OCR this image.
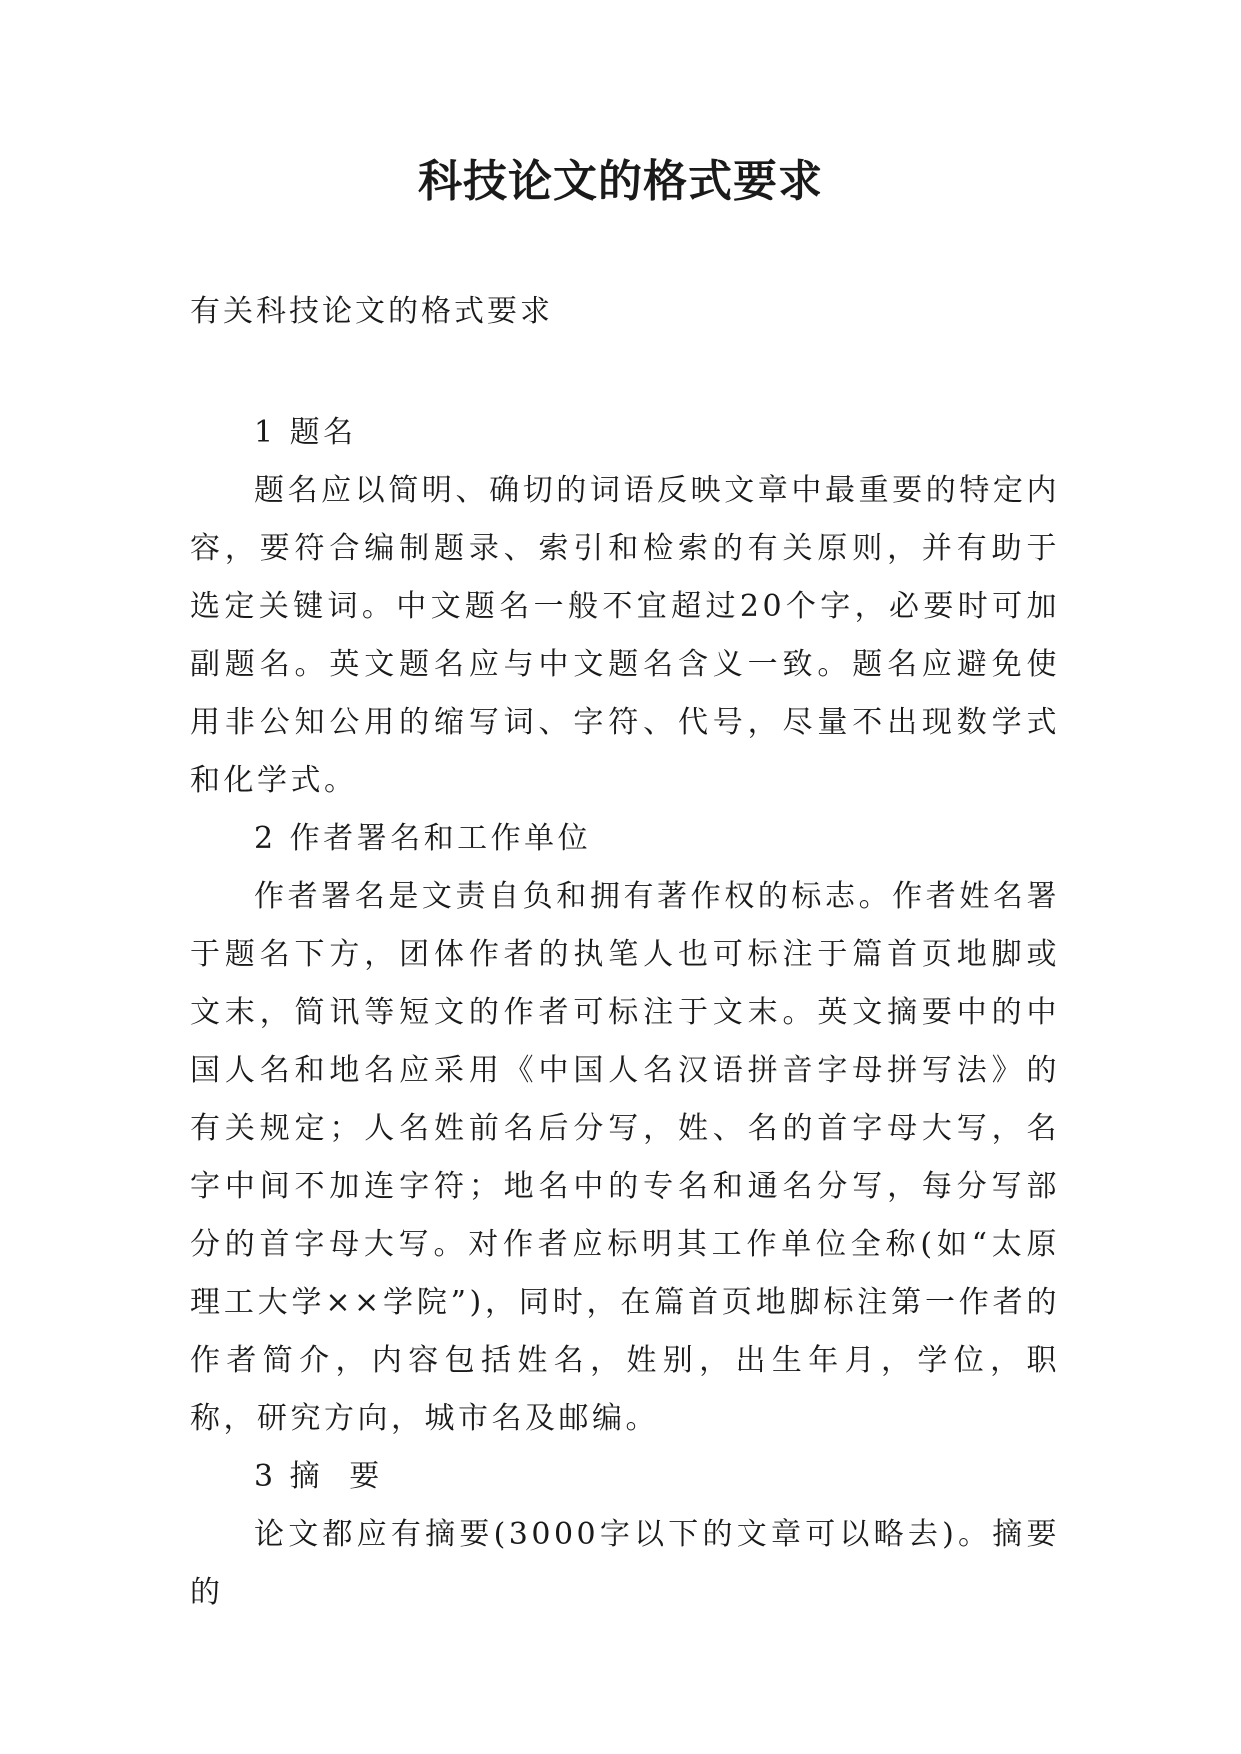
科技论文的格式要求

有关科技论文的格式要求

1 题名

题名应以简明、确切的词语反映文章中最重要的特定内容，要符合编制题录、索引和检索的有关原则，并有助于选定关键词。中文题名一般不宜超过20个字，必要时可加副题名。英文题名应与中文题名含义一致。题名应避免使用非公知公用的缩写词、字符、代号，尽量不出现数学式和化学式。

2 作者署名和工作单位

作者署名是文责自负和拥有著作权的标志。作者姓名署于题名下方，团体作者的执笔人也可标注于篇首页地脚或文末，简讯等短文的作者可标注于文末。英文摘要中的中国人名和地名应采用《中国人名汉语拼音字母拼写法》的有关规定；人名姓前名后分写，姓、名的首字母大写，名字中间不加连字符；地名中的专名和通名分写，每分写部分的首字母大写。对作者应标明其工作单位全称(如“太原理工大学××学院”)，同时，在篇首页地脚标注第一作者的作者简介，内容包括姓名，姓别，出生年月，学位，职称，研究方向，城市名及邮编。

3 摘  要

论文都应有摘要(3000字以下的文章可以略去)。摘要的
